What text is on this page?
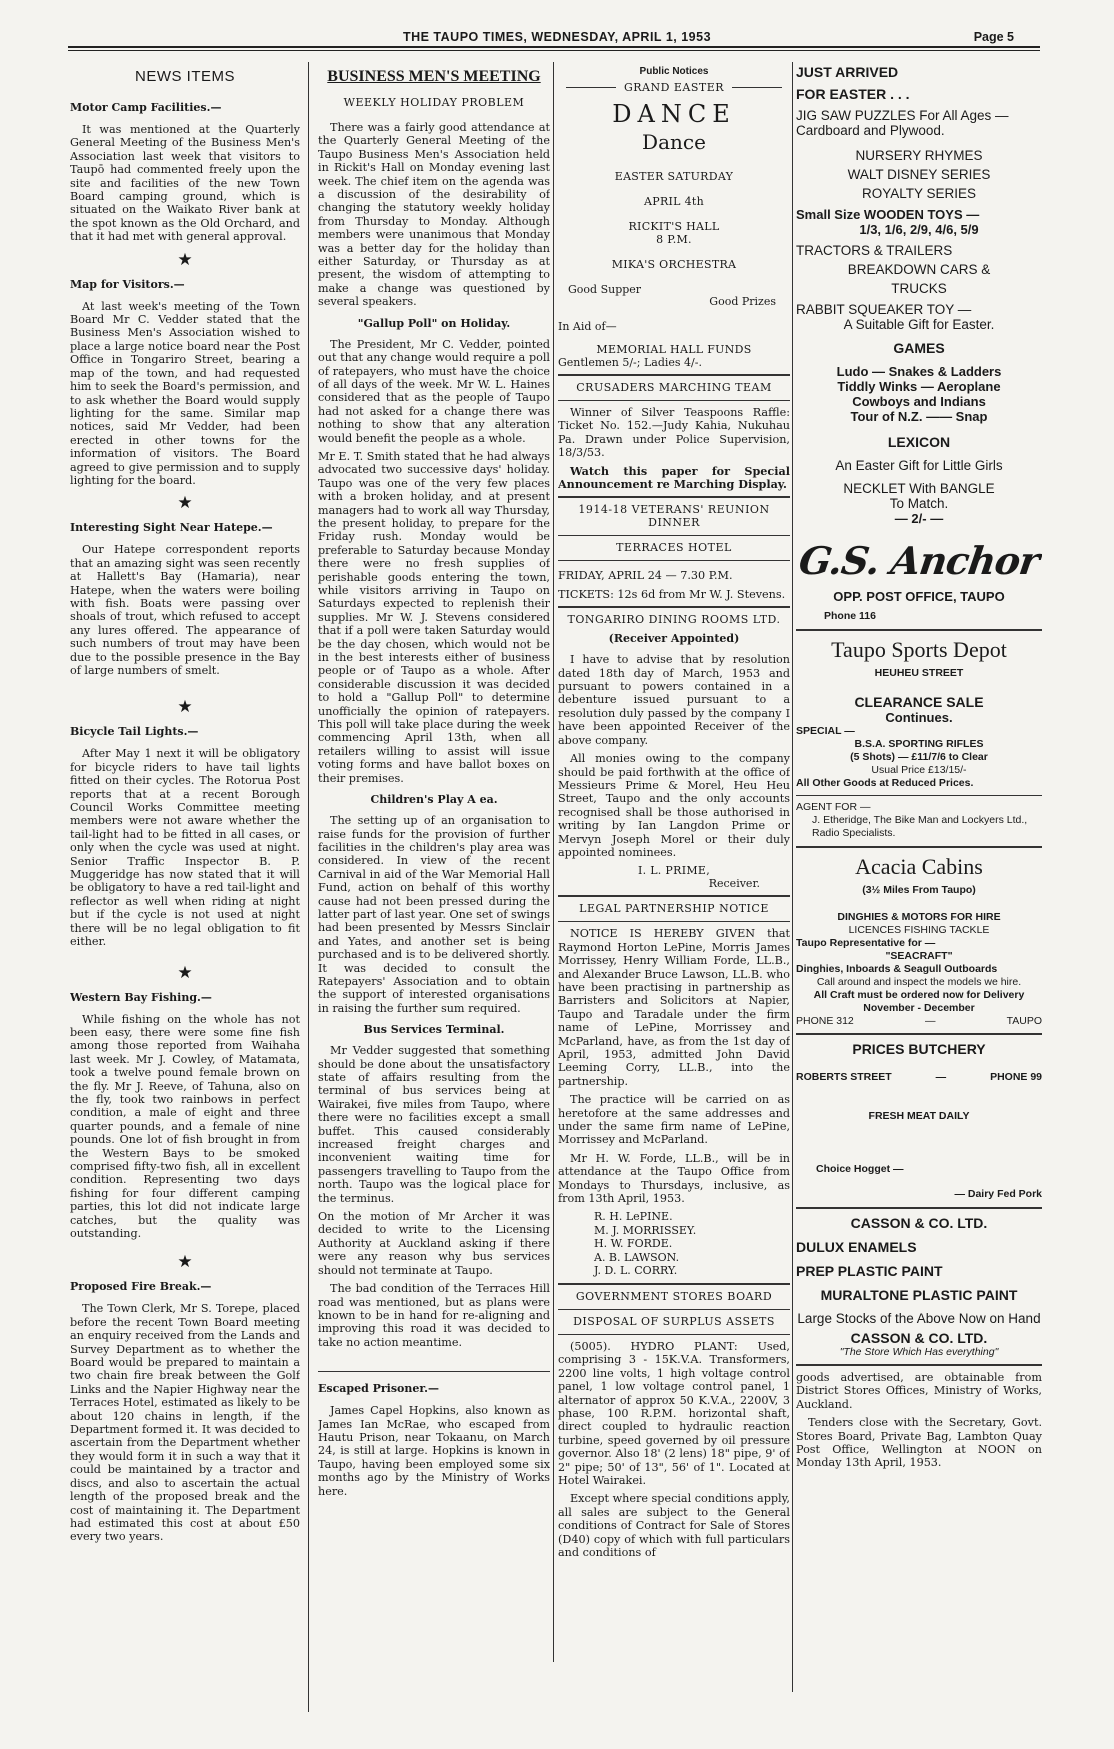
THE TAUPO TIMES, WEDNESDAY, APRIL 1, 1953	Page 5
NEWS ITEMS
Motor Camp Facilities.—

It was mentioned at the Quarterly General Meeting of the Business Men's Association last week that visitors to Taupō had commented freely upon the site and facilities of the new Town Board camping ground, which is situated on the Waikato River bank at the spot known as the Old Orchard, and that it had met with general approval.

★
Map for Visitors.—

At last week's meeting of the Town Board Mr C. Vedder stated that the Business Men's Association wished to place a large notice board near the Post Office in Tongariro Street, bearing a map of the town, and had requested him to seek the Board's permission, and to ask whether the Board would supply lighting for the same. Similar map notices, said Mr Vedder, had been erected in other towns for the information of visitors. The Board agreed to give permission and to supply lighting for the board.

★
Interesting Sight Near Hatepe.—

Our Hatepe correspondent reports that an amazing sight was seen recently at Hallett's Bay (Hamaria), near Hatepe, when the waters were boiling with fish. Boats were passing over shoals of trout, which refused to accept any lures offered. The appearance of such numbers of trout may have been due to the possible presence in the Bay of large numbers of smelt.

★
Bicycle Tail Lights.—

After May 1 next it will be obligatory for bicycle riders to have tail lights fitted on their cycles. The Rotorua Post reports that at a recent Borough Council Works Committee meeting members were not aware whether the tail-light had to be fitted in all cases, or only when the cycle was used at night. Senior Traffic Inspector B. P. Muggeridge has now stated that it will be obligatory to have a red tail-light and reflector as well when riding at night but if the cycle is not used at night there will be no legal obligation to fit either.

★
Western Bay Fishing.—

While fishing on the whole has not been easy, there were some fine fish among those reported from Waihaha last week. Mr J. Cowley, of Matamata, took a twelve pound female brown on the fly. Mr J. Reeve, of Tahuna, also on the fly, took two rainbows in perfect condition, a male of eight and three quarter pounds, and a female of nine pounds. One lot of fish brought in from the Western Bays to be smoked comprised fifty-two fish, all in excellent condition. Representing two days fishing for four different camping parties, this lot did not indicate large catches, but the quality was outstanding.

★
Proposed Fire Break.—

The Town Clerk, Mr S. Torepe, placed before the recent Town Board meeting an enquiry received from the Lands and Survey Department as to whether the Board would be prepared to maintain a two chain fire break between the Golf Links and the Napier Highway near the Terraces Hotel, estimated as likely to be about 120 chains in length, if the Department formed it. It was decided to ascertain from the Department whether they would form it in such a way that it could be maintained by a tractor and discs, and also to ascertain the actual length of the proposed break and the cost of maintaining it. The Department had estimated this cost at about £50 every two years.

BUSINESS MEN'S MEETING
WEEKLY HOLIDAY PROBLEM

There was a fairly good attendance at the Quarterly General Meeting of the Taupo Business Men's Association held in Rickit's Hall on Monday evening last week. The chief item on the agenda was a discussion of the desirability of changing the statutory weekly holiday from Thursday to Monday. Although members were unanimous that Monday was a better day for the holiday than either Saturday, or Thursday as at present, the wisdom of attempting to make a change was questioned by several speakers.

"Gallup Poll" on Holiday.

The President, Mr C. Vedder, pointed out that any change would require a poll of ratepayers, who must have the choice of all days of the week. Mr W. L. Haines considered that as the people of Taupo had not asked for a change there was nothing to show that any alteration would benefit the people as a whole.

Mr E. T. Smith stated that he had always advocated two successive days' holiday. Taupo was one of the very few places with a broken holiday, and at present managers had to work all way Thursday, the present holiday, to prepare for the Friday rush. Monday would be preferable to Saturday because Monday there were no fresh supplies of perishable goods entering the town, while visitors arriving in Taupo on Saturdays expected to replenish their supplies. Mr W. J. Stevens considered that if a poll were taken Saturday would be the day chosen, which would not be in the best interests either of business people or of Taupo as a whole. After considerable discussion it was decided to hold a "Gallup Poll" to determine unofficially the opinion of ratepayers. This poll will take place during the week commencing April 13th, when all retailers willing to assist will issue voting forms and have ballot boxes on their premises.

Children's Play A ea.

The setting up of an organisation to raise funds for the provision of further facilities in the children's play area was considered. In view of the recent Carnival in aid of the War Memorial Hall Fund, action on behalf of this worthy cause had not been pressed during the latter part of last year. One set of swings had been presented by Messrs Sinclair and Yates, and another set is being purchased and is to be delivered shortly. It was decided to consult the Ratepayers' Association and to obtain the support of interested organisations in raising the further sum required.

Bus Services Terminal.

Mr Vedder suggested that something should be done about the unsatisfactory state of affairs resulting from the terminal of bus services being at Wairakei, five miles from Taupo, where there were no facilities except a small buffet. This caused considerably increased freight charges and inconvenient waiting time for passengers travelling to Taupo from the north. Taupo was the logical place for the terminus.

On the motion of Mr Archer it was decided to write to the Licensing Authority at Auckland asking if there were any reason why bus services should not terminate at Taupo.

The bad condition of the Terraces Hill road was mentioned, but as plans were known to be in hand for re-aligning and improving this road it was decided to take no action meantime.

Escaped Prisoner.—

James Capel Hopkins, also known as James Ian McRae, who escaped from Hautu Prison, near Tokaanu, on March 24, is still at large. Hopkins is known in Taupo, having been employed some six months ago by the Ministry of Works here.

Public Notices
GRAND EASTER
DANCE
Dance
EASTER SATURDAY
APRIL 4th
RICKIT'S HALL
8 P.M.
MIKA'S ORCHESTRA
Good Supper
Good Prizes
In Aid of—
MEMORIAL HALL FUNDS
Gentlemen 5/-; Ladies 4/-.
CRUSADERS MARCHING TEAM

Winner of Silver Teaspoons Raffle: Ticket No. 152.—Judy Kahia, Nukuhau Pa. Drawn under Police Supervision, 18/3/53.

Watch this paper for Special Announcement re Marching Display.

1914-18 VETERANS' REUNION DINNER
TERRACES HOTEL

FRIDAY, APRIL 24 — 7.30 P.M.

TICKETS: 12s 6d from Mr W. J. Stevens.

TONGARIRO DINING ROOMS LTD.
(Receiver Appointed)

I have to advise that by resolution dated 18th day of March, 1953 and pursuant to powers contained in a debenture issued pursuant to a resolution duly passed by the company I have been appointed Receiver of the above company.

All monies owing to the company should be paid forthwith at the office of Messieurs Prime & Morel, Heu Heu Street, Taupo and the only accounts recognised shall be those authorised in writing by Ian Langdon Prime or Mervyn Joseph Morel or their duly appointed nominees.

I. L. PRIME,
Receiver.
LEGAL PARTNERSHIP NOTICE

NOTICE IS HEREBY GIVEN that Raymond Horton LePine, Morris James Morrissey, Henry William Forde, LL.B., and Alexander Bruce Lawson, LL.B. who have been practising in partnership as Barristers and Solicitors at Napier, Taupo and Taradale under the firm name of LePine, Morrissey and McParland, have, as from the 1st day of April, 1953, admitted John David Leeming Corry, LL.B., into the partnership.

The practice will be carried on as heretofore at the same addresses and under the same firm name of LePine, Morrissey and McParland.

Mr H. W. Forde, LL.B., will be in attendance at the Taupo Office from Mondays to Thursdays, inclusive, as from 13th April, 1953.

R. H. LePINE.
M. J. MORRISSEY.
H. W. FORDE.
A. B. LAWSON.
J. D. L. CORRY.
GOVERNMENT STORES BOARD
DISPOSAL OF SURPLUS ASSETS

(5005). HYDRO PLANT: Used, comprising 3 - 15K.V.A. Transformers, 2200 line volts, 1 high voltage control panel, 1 low voltage control panel, 1 alternator of approx 50 K.V.A., 2200V, 3 phase, 100 R.P.M. horizontal shaft, direct coupled to hydraulic reaction turbine, speed governed by oil pressure governor. Also 18' (2 lens) 18" pipe, 9' of 2" pipe; 50' of 13", 56' of 1". Located at Hotel Wairakei.

Except where special conditions apply, all sales are subject to the General conditions of Contract for Sale of Stores (D40) copy of which with full particulars and conditions of

JUST ARRIVED
FOR EASTER . . .
JIG SAW PUZZLES For All Ages — Cardboard and Plywood.
NURSERY RHYMES
WALT DISNEY SERIES
ROYALTY SERIES
Small Size WOODEN TOYS —
1/3, 1/6, 2/9, 4/6, 5/9
TRACTORS & TRAILERS
BREAKDOWN CARS &
TRUCKS
RABBIT SQUEAKER TOY —
A Suitable Gift for Easter.
GAMES
Ludo — Snakes & Ladders
Tiddly Winks — Aeroplane
Cowboys and Indians
Tour of N.Z. —— Snap
LEXICON
An Easter Gift for Little Girls
NECKLET With BANGLE
To Match.
— 2/- —
G.S. Anchor
OPP. POST OFFICE, TAUPO
Phone 116
Taupo Sports Depot
HEUHEU STREET
CLEARANCE SALE
Continues.
SPECIAL —
B.S.A. SPORTING RIFLES
(5 Shots) — £11/7/6 to Clear
Usual Price £13/15/-
All Other Goods at Reduced Prices.
AGENT FOR —
J. Etheridge, The Bike Man and Lockyers Ltd., Radio Specialists.
Acacia Cabins
(3½ Miles From Taupo)
DINGHIES & MOTORS FOR HIRE
LICENCES FISHING TACKLE
Taupo Representative for —
"SEACRAFT"
Dinghies, Inboards & Seagull Outboards
Call around and inspect the models we hire.
All Craft must be ordered now for Delivery November - December
PHONE 312	—	TAUPO
PRICES BUTCHERY
ROBERTS STREET	—	PHONE 99
FRESH MEAT DAILY
Choice Hogget —
— Dairy Fed Pork
CASSON & CO. LTD.
DULUX ENAMELS
PREP PLASTIC PAINT
MURALTONE PLASTIC PAINT
Large Stocks of the Above Now on Hand
CASSON & CO. LTD.
"The Store Which Has everything"

goods advertised, are obtainable from District Stores Offices, Ministry of Works, Auckland.

Tenders close with the Secretary, Govt. Stores Board, Private Bag, Lambton Quay Post Office, Wellington at NOON on Monday 13th April, 1953.
